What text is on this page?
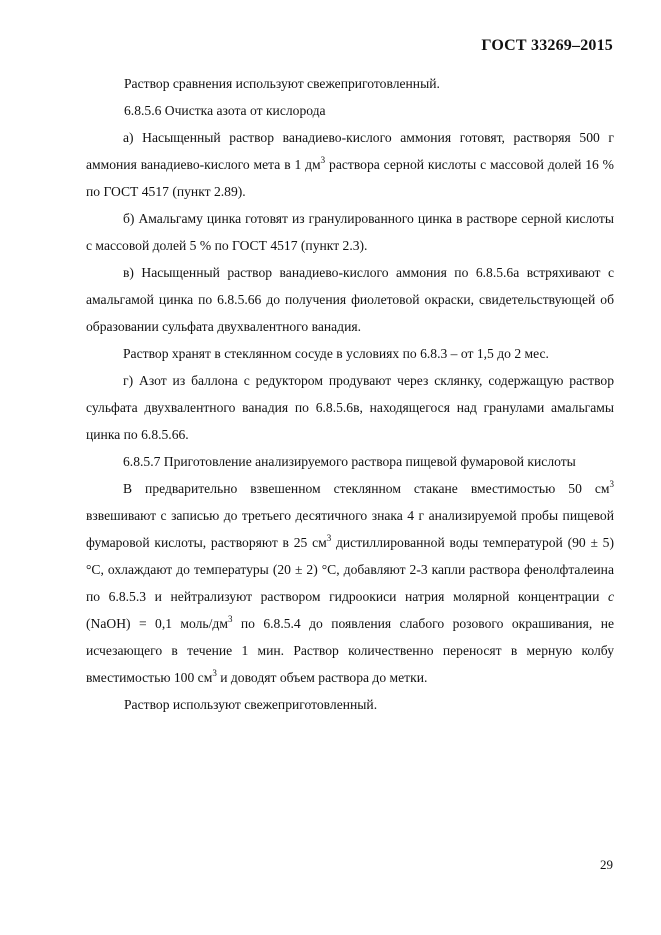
ГОСТ 33269–2015

Раствор сравнения используют свежеприготовленный.

6.8.5.6 Очистка азота от кислорода

а) Насыщенный раствор ванадиево-кислого аммония готовят, растворяя 500 г аммония ванадиево-кислого мета в 1 $дм^3$ раствора серной кислоты с массовой долей 16 % по ГОСТ 4517 (пункт 2.89).

б) Амальгаму цинка готовят из гранулированного цинка в растворе серной кислоты с массовой долей 5 % по ГОСТ 4517 (пункт 2.3).

в) Насыщенный раствор ванадиево-кислого аммония по 6.8.5.6а встряхивают с амальгамой цинка по 6.8.5.66 до получения фиолетовой окраски, свидетельствующей об образовании сульфата двухвалентного ванадия.

Раствор хранят в стеклянном сосуде в условиях по 6.8.3 – от 1,5 до 2 мес.

г) Азот из баллона с редуктором продувают через склянку, содержащую раствор сульфата двухвалентного ванадия по 6.8.5.6в, находящегося над гранулами амальгамы цинка по 6.8.5.66.

6.8.5.7 Приготовление анализируемого раствора пищевой фумаровой кислоты

В предварительно взвешенном стеклянном стакане вместимостью 50 $см^3$ взвешивают с записью до третьего десятичного знака 4 г анализируемой пробы пищевой фумаровой кислоты, растворяют в 25 $см^3$ дистиллированной воды температурой (90 ± 5) °С, охлаждают до температуры (20 ± 2) °С, добавляют 2-3 капли раствора фенолфталеина по 6.8.5.3 и нейтрализуют раствором гидроокиси натрия молярной концентрации c (NaOH) = 0,1 моль/$дм^3$ по 6.8.5.4 до появления слабого розового окрашивания, не исчезающего в течение 1 мин. Раствор количественно переносят в мерную колбу вместимостью 100 $см^3$ и доводят объем раствора до метки.

Раствор используют свежеприготовленный.

29
